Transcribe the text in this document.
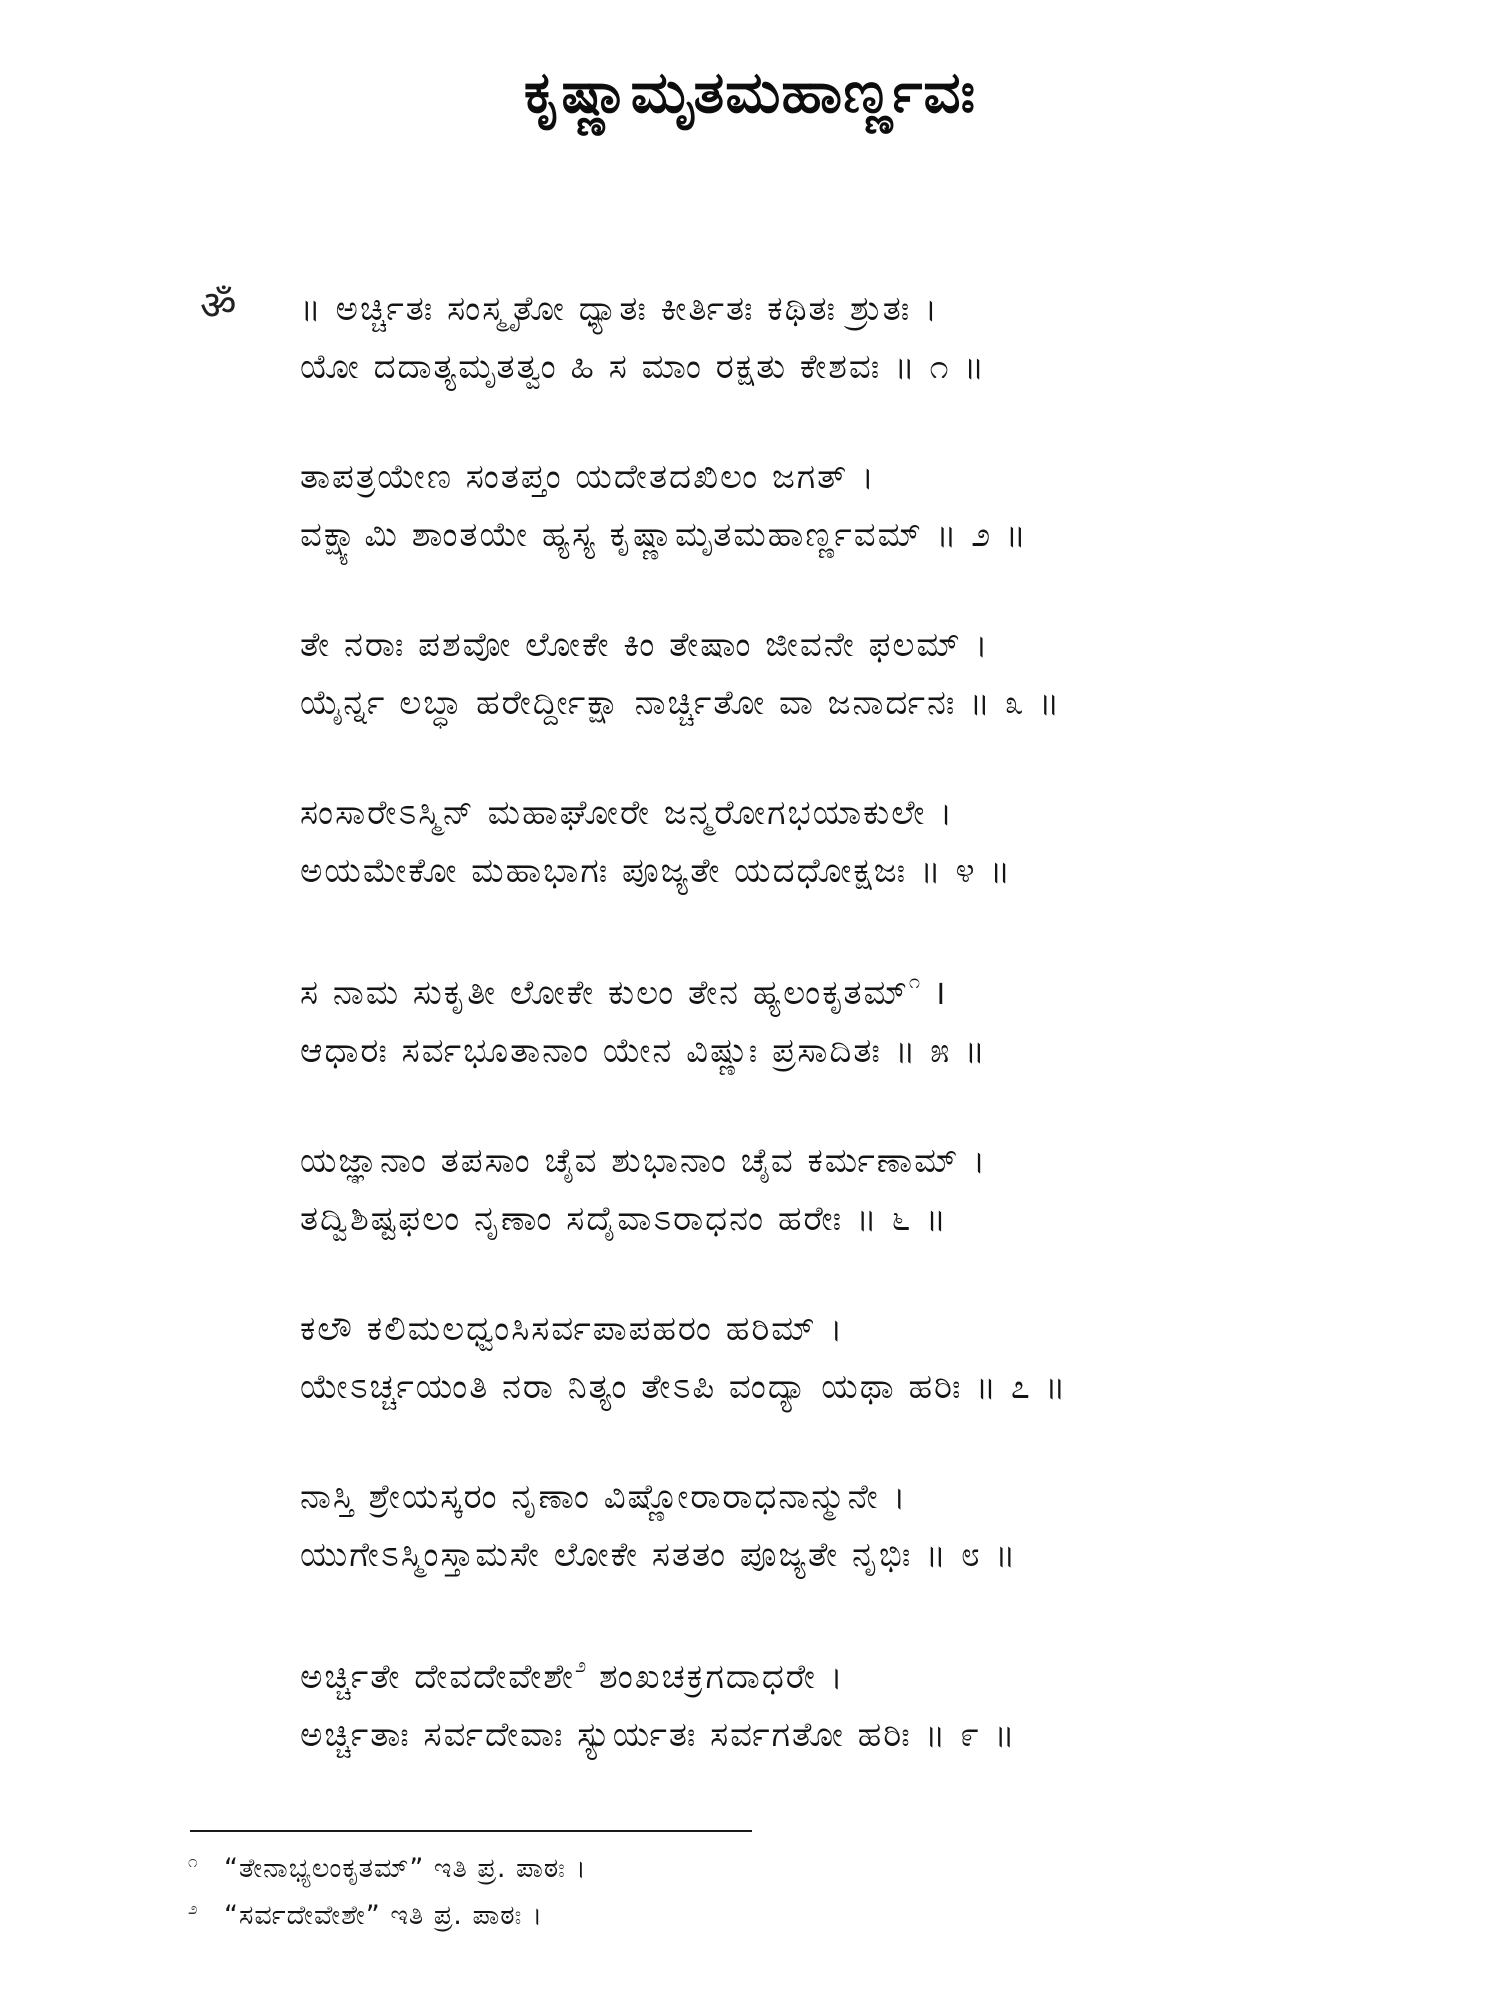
ಕೃಷ್ಣಾಮೃತಮಹಾರ್ಣ್ಣವಃ
ॐ ॥ ಅರ್ಚ್ಚಿತಃ ಸಂಸ್ಮೃತೋ ಧ್ಯಾತಃ ಕೀರ್ತಿತಃ ಕಥಿತಃ ಶ್ರುತಃ ।
ಯೋ ದದಾತ್ಯಮೃತತ್ವಂ ಹಿ ಸ ಮಾಂ ರಕ್ಷತು ಕೇಶವಃ ॥ ೧ ॥
ತಾಪತ್ರಯೇಣ ಸಂತಪ್ತಂ ಯದೇತದಖಿಲಂ ಜಗತ್ ।
ವಕ್ಷ್ಯಾಮಿ ಶಾಂತಯೇ ಹ್ಯಸ್ಯ ಕೃಷ್ಣಾಮೃತಮಹಾರ್ಣ್ಣವಮ್ ॥ ೨ ॥
ತೇ ನರಾಃ ಪಶವೋ ಲೋಕೇ ಕಿಂ ತೇಷಾಂ ಜೀವನೇ ಫಲಮ್ ।
ಯೈರ್ನ್ನ ಲಬ್ಧಾ ಹರೇರ್ದ್ದೀಕ್ಷಾ ನಾರ್ಚ್ಚಿತೋ ವಾ ಜನಾರ್ದನಃ ॥ ೩ ॥
ಸಂಸಾರೇಽಸ್ಮಿನ್ ಮಹಾಘೋರೇ ಜನ್ಮರೋಗಭಯಾಕುಲೇ ।
ಅಯಮೇಕೋ ಮಹಾಭಾಗಃ ಪೂಜ್ಯತೇ ಯದಧೋಕ್ಷಜಃ ॥ ೪ ॥
ಸ ನಾಮ ಸುಕೃತೀ ಲೋಕೇ ಕುಲಂ ತೇನ ಹ್ಯಲಂಕೃತಮ್$^೧$ ।
ಆಧಾರಃ ಸರ್ವಭೂತಾನಾಂ ಯೇನ ವಿಷ್ಣುಃ ಪ್ರಸಾದಿತಃ ॥ ೫ ॥
ಯಜ್ಞಾನಾಂ ತಪಸಾಂ ಚೈವ ಶುಭಾನಾಂ ಚೈವ ಕರ್ಮಣಾಮ್ ।
ತದ್ವಿಶಿಷ್ಟಫಲಂ ನೃಣಾಂ ಸದೈವಾಽರಾಧನಂ ಹರೇಃ ॥ ೬ ॥
ಕಲೌ ಕಲಿಮಲಧ್ವಂಸಿಸರ್ವಪಾಪಹರಂ ಹರಿಮ್ ।
ಯೇಽರ್ಚ್ಚಯಂತಿ ನರಾ ನಿತ್ಯಂ ತೇಽಪಿ ವಂದ್ಯಾ ಯಥಾ ಹರಿಃ ॥ ೭ ॥
ನಾಸ್ತಿ ಶ್ರೇಯಸ್ಕರಂ ನೃಣಾಂ ವಿಷ್ಣೋರಾರಾಧನಾನ್ಮುನೇ ।
ಯುಗೇಽಸ್ಮಿಂಸ್ತಾಮಸೇ ಲೋಕೇ ಸತತಂ ಪೂಜ್ಯತೇ ನೃಭಿಃ ॥ ೮ ॥
ಅರ್ಚ್ಚಿತೇ ದೇವದೇವೇಶೇ$^೨$ ಶಂಖಚಕ್ರಗದಾಧರೇ ।
ಅರ್ಚ್ಚಿತಾಃ ಸರ್ವದೇವಾಃ ಸ್ಯುರ್ಯತಃ ಸರ್ವಗತೋ ಹರಿಃ ॥ ೯ ॥
೧ “ತೇನಾಭ್ಯಲಂಕೃತಮ್” ಇತಿ ಪ್ರ. ಪಾಠಃ ।
೨ “ಸರ್ವದೇವೇಶೇ” ಇತಿ ಪ್ರ. ಪಾಠಃ ।
